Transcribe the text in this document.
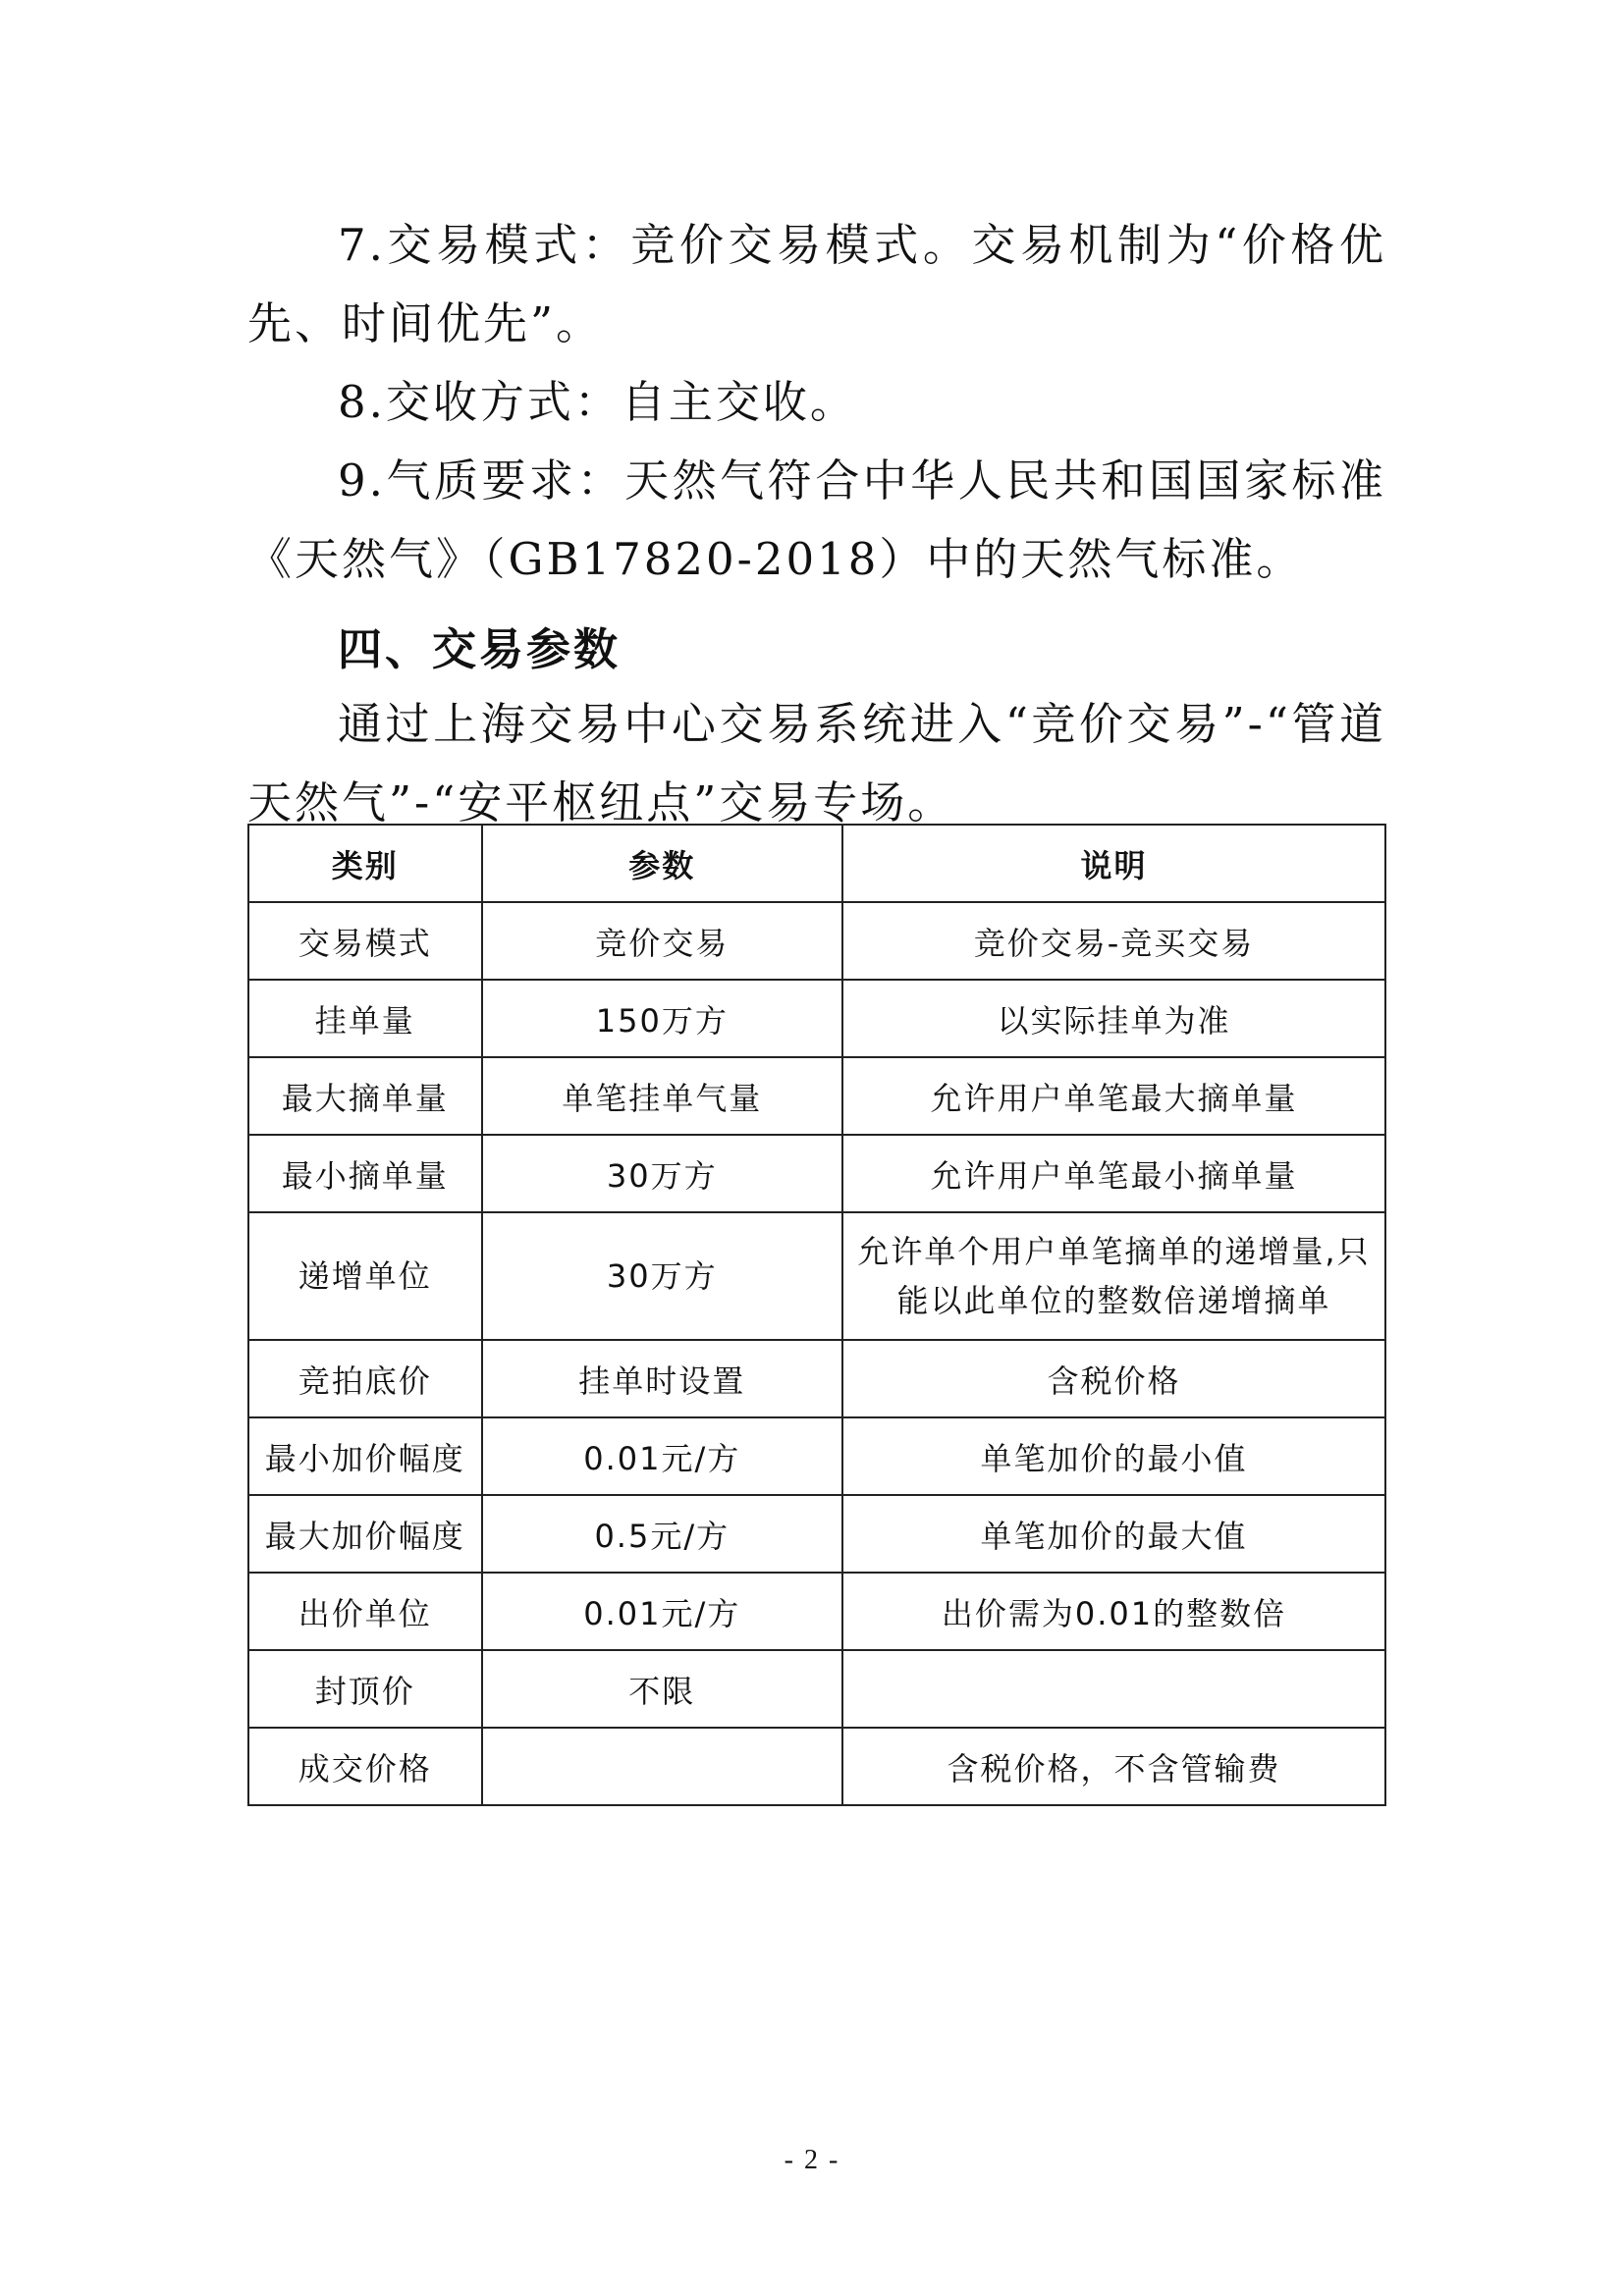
7.交易模式：竞价交易模式。交易机制为“价格优先、时间优先”。

8.交收方式：自主交收。

9.气质要求：天然气符合中华人民共和国国家标准《天然气》（GB17820-2018）中的天然气标准。

四、交易参数

通过上海交易中心交易系统进入“竞价交易”-“管道天然气”-“安平枢纽点”交易专场。

类别	参数	说明
交易模式	竞价交易	竞价交易-竞买交易
挂单量	150万方	以实际挂单为准
最大摘单量	单笔挂单气量	允许用户单笔最大摘单量
最小摘单量	30万方	允许用户单笔最小摘单量
递增单位	30万方	允许单个用户单笔摘单的递增量,只能以此单位的整数倍递增摘单
竞拍底价	挂单时设置	含税价格
最小加价幅度	0.01元/方	单笔加价的最小值
最大加价幅度	0.5元/方	单笔加价的最大值
出价单位	0.01元/方	出价需为0.01的整数倍
封顶价	不限	
成交价格		含税价格，不含管输费
- 2 -
